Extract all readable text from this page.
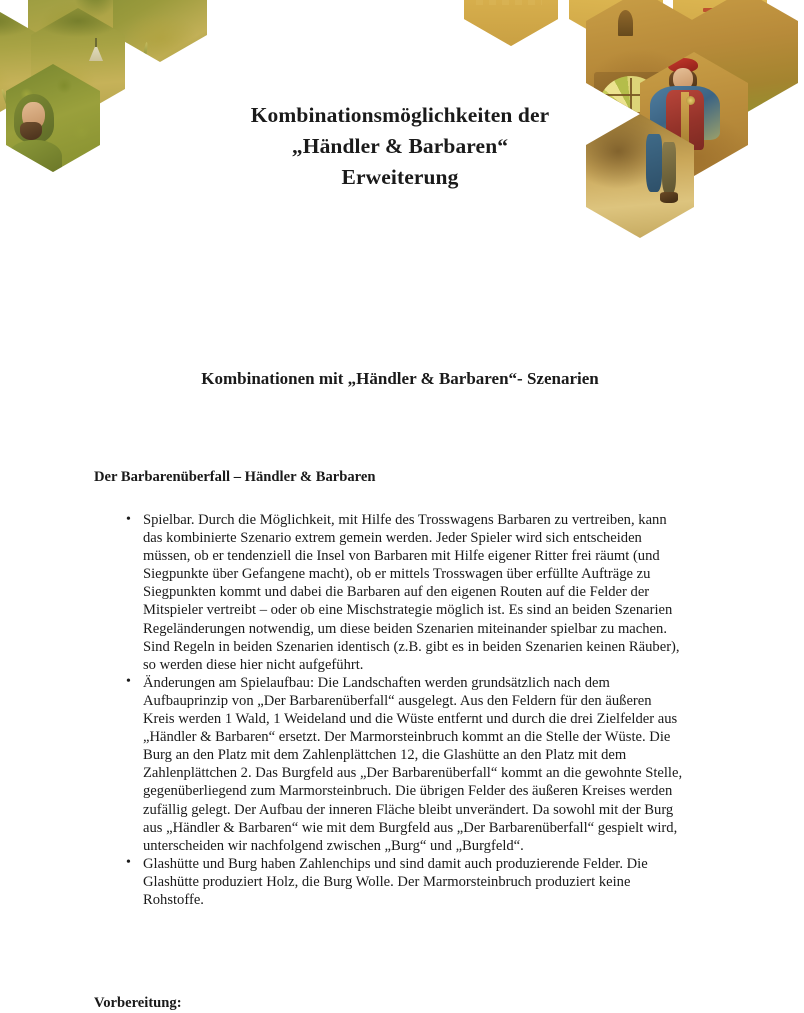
Kombinationsmöglichkeiten der
„Händler & Barbaren“
Erweiterung
Kombinationen mit „Händler & Barbaren“- Szenarien
Der Barbarenüberfall – Händler & Barbaren
• Spielbar. Durch die Möglichkeit, mit Hilfe des Trosswagens Barbaren zu vertreiben, kann
das kombinierte Szenario extrem gemein werden. Jeder Spieler wird sich entscheiden
müssen, ob er tendenziell die Insel von Barbaren mit Hilfe eigener Ritter frei räumt (und
Siegpunkte über Gefangene macht), ob er mittels Trosswagen über erfüllte Aufträge zu
Siegpunkten kommt und dabei die Barbaren auf den eigenen Routen auf die Felder der
Mitspieler vertreibt – oder ob eine Mischstrategie möglich ist. Es sind an beiden Szenarien
Regeländerungen notwendig, um diese beiden Szenarien miteinander spielbar zu machen.
Sind Regeln in beiden Szenarien identisch (z.B. gibt es in beiden Szenarien keinen Räuber),
so werden diese hier nicht aufgeführt.
• Änderungen am Spielaufbau: Die Landschaften werden grundsätzlich nach dem
Aufbauprinzip von „Der Barbarenüberfall“ ausgelegt. Aus den Feldern für den äußeren
Kreis werden 1 Wald, 1 Weideland und die Wüste entfernt und durch die drei Zielfelder aus
„Händler & Barbaren“ ersetzt. Der Marmorsteinbruch kommt an die Stelle der Wüste. Die
Burg an den Platz mit dem Zahlenplättchen 12, die Glashütte an den Platz mit dem
Zahlenplättchen 2. Das Burgfeld aus „Der Barbarenüberfall“ kommt an die gewohnte Stelle,
gegenüberliegend zum Marmorsteinbruch. Die übrigen Felder des äußeren Kreises werden
zufällig gelegt. Der Aufbau der inneren Fläche bleibt unverändert. Da sowohl mit der Burg
aus „Händler & Barbaren“ wie mit dem Burgfeld aus „Der Barbarenüberfall“ gespielt wird,
unterscheiden wir nachfolgend zwischen „Burg“ und „Burgfeld“.
• Glashütte und Burg haben Zahlenchips und sind damit auch produzierende Felder. Die
Glashütte produziert Holz, die Burg Wolle. Der Marmorsteinbruch produziert keine
Rohstoffe.
Vorbereitung:
